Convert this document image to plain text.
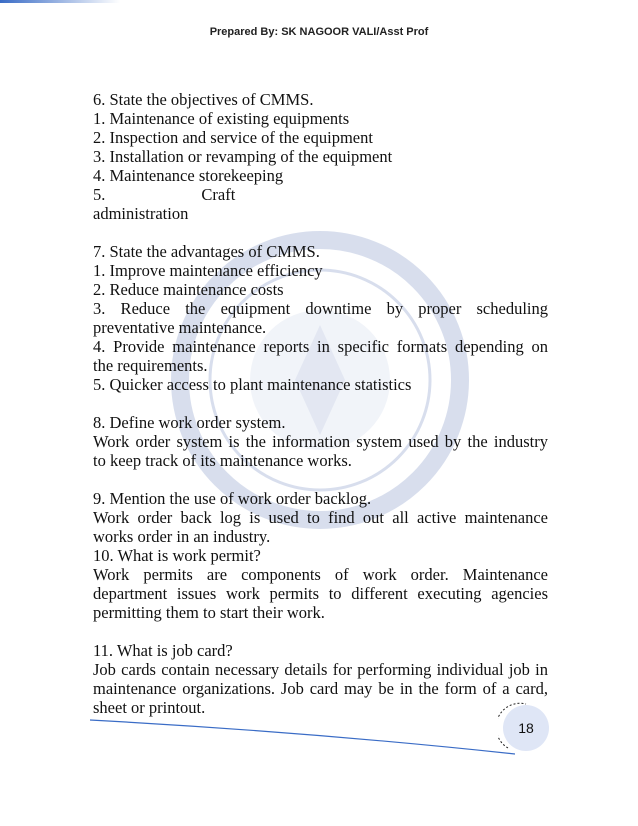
Prepared By: SK NAGOOR VALI/Asst Prof
6. State the objectives of CMMS.
1. Maintenance of existing equipments
2. Inspection and service of the equipment
3. Installation or revamping of the equipment
4. Maintenance storekeeping
5.	Craft
administration
7. State the advantages of CMMS.
1. Improve maintenance efficiency
2. Reduce maintenance costs
3. Reduce the equipment downtime by proper scheduling
preventative maintenance.
4. Provide maintenance reports in specific formats depending on
the requirements.
5. Quicker access to plant maintenance statistics
8. Define work order system.
Work order system is the information system used by the industry
to keep track of its maintenance works.
9. Mention the use of work order backlog.
Work order back log is used to find out all active maintenance
works order in an industry.
10. What is work permit?
Work permits are components of work order. Maintenance
department issues work permits to different executing agencies
permitting them to start their work.
11. What is job card?
Job cards contain necessary details for performing individual job in
maintenance organizations. Job card may be in the form of a card,
sheet or printout.
18
